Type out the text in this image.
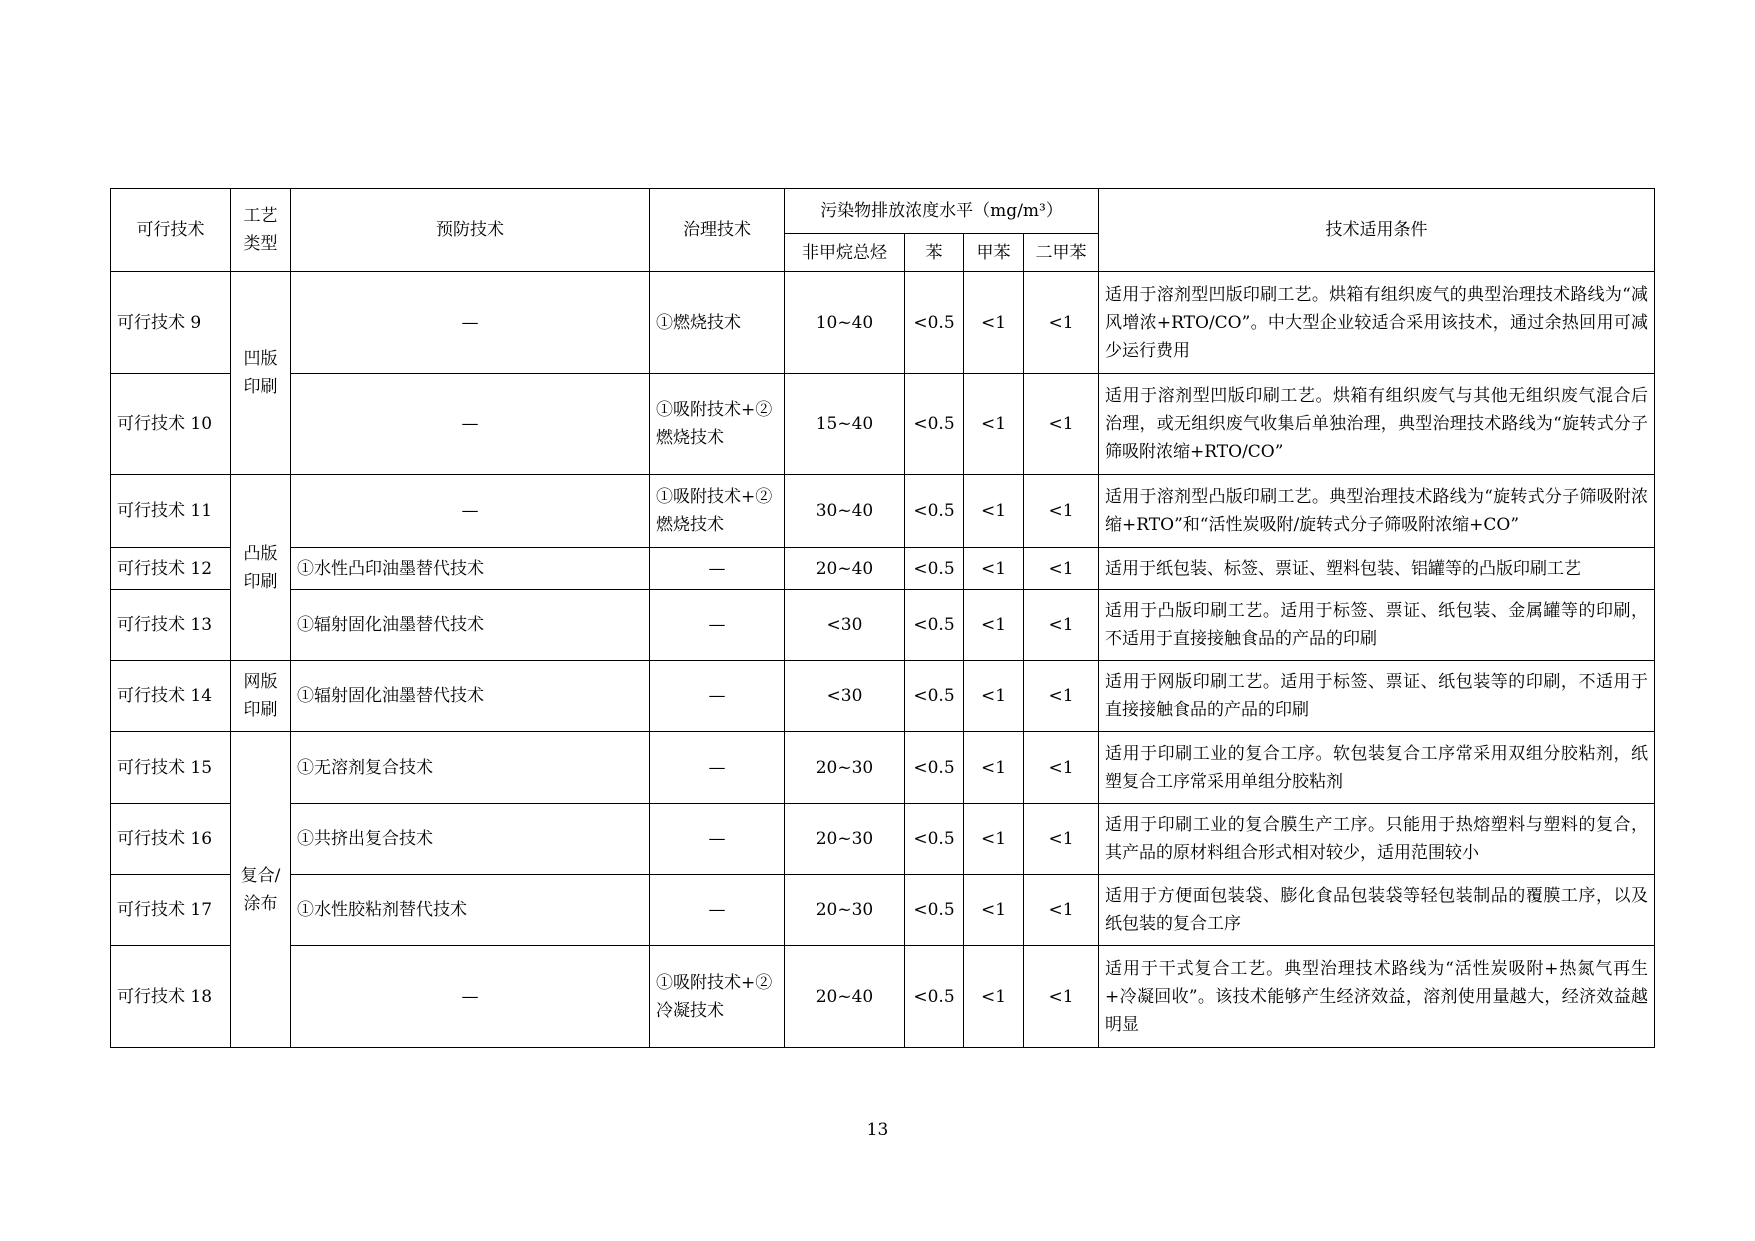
可行技术	工艺类型	预防技术	治理技术	污染物排放浓度水平（mg/m³）				技术适用条件
				非甲烷总烃	苯	甲苯	二甲苯	
可行技术 9	凹版印刷	—	①燃烧技术	10~40	<0.5	<1	<1	适用于溶剂型凹版印刷工艺。烘箱有组织废气的典型治理技术路线为“减风增浓+RTO/CO”。中大型企业较适合采用该技术，通过余热回用可减少运行费用
可行技术 10		—	①吸附技术+②燃烧技术	15~40	<0.5	<1	<1	适用于溶剂型凹版印刷工艺。烘箱有组织废气与其他无组织废气混合后治理，或无组织废气收集后单独治理，典型治理技术路线为“旋转式分子筛吸附浓缩+RTO/CO”
可行技术 11	凸版印刷	—	①吸附技术+②燃烧技术	30~40	<0.5	<1	<1	适用于溶剂型凸版印刷工艺。典型治理技术路线为“旋转式分子筛吸附浓缩+RTO”和“活性炭吸附/旋转式分子筛吸附浓缩+CO”
可行技术 12		①水性凸印油墨替代技术	—	20~40	<0.5	<1	<1	适用于纸包装、标签、票证、塑料包装、铝罐等的凸版印刷工艺
可行技术 13		①辐射固化油墨替代技术	—	<30	<0.5	<1	<1	适用于凸版印刷工艺。适用于标签、票证、纸包装、金属罐等的印刷，不适用于直接接触食品的产品的印刷
可行技术 14	网版印刷	①辐射固化油墨替代技术	—	<30	<0.5	<1	<1	适用于网版印刷工艺。适用于标签、票证、纸包装等的印刷，不适用于直接接触食品的产品的印刷
可行技术 15	复合/涂布	①无溶剂复合技术	—	20~30	<0.5	<1	<1	适用于印刷工业的复合工序。软包装复合工序常采用双组分胶粘剂，纸塑复合工序常采用单组分胶粘剂
可行技术 16		①共挤出复合技术	—	20~30	<0.5	<1	<1	适用于印刷工业的复合膜生产工序。只能用于热熔塑料与塑料的复合，其产品的原材料组合形式相对较少，适用范围较小
可行技术 17		①水性胶粘剂替代技术	—	20~30	<0.5	<1	<1	适用于方便面包装袋、膨化食品包装袋等轻包装制品的覆膜工序，以及纸包装的复合工序
可行技术 18		—	①吸附技术+②冷凝技术	20~40	<0.5	<1	<1	适用于干式复合工艺。典型治理技术路线为“活性炭吸附+热氮气再生+冷凝回收”。该技术能够产生经济效益，溶剂使用量越大，经济效益越明显
13
